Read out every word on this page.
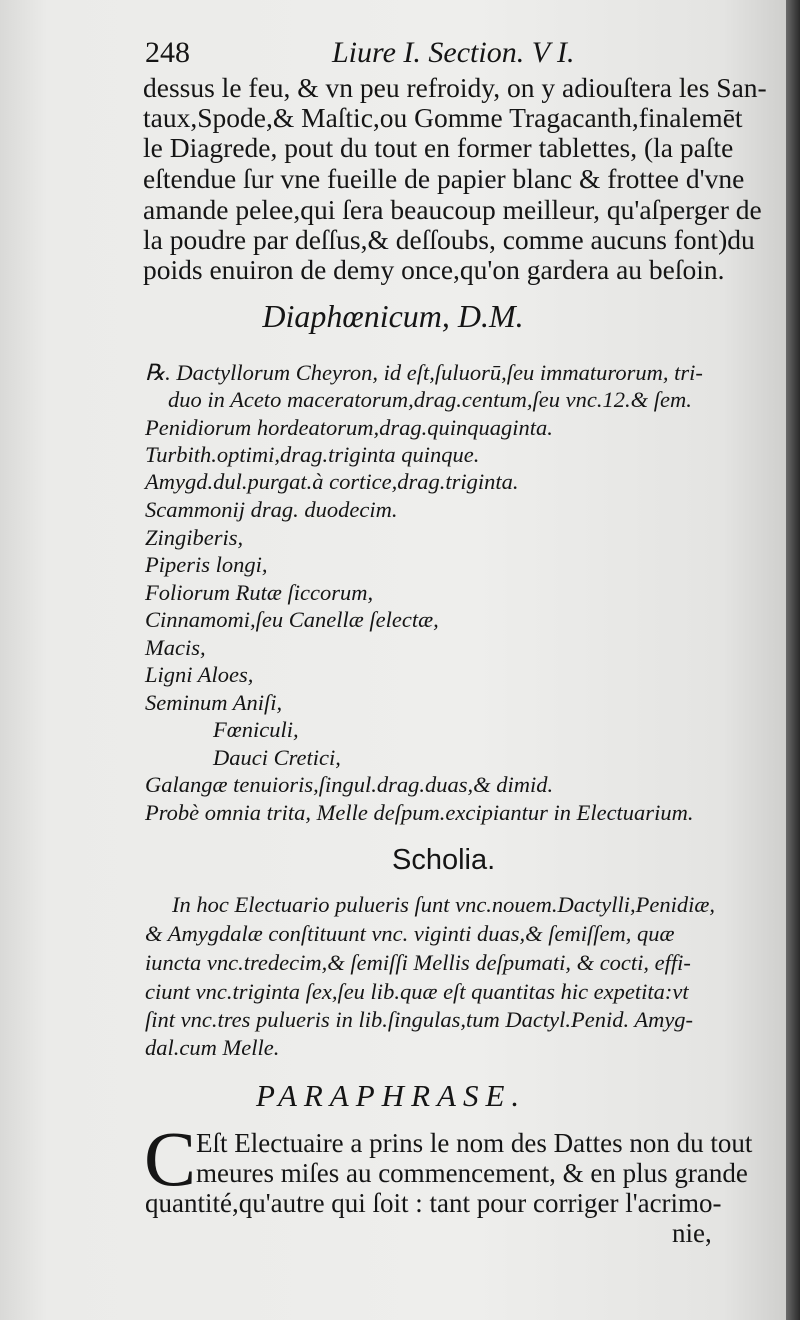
248	Liure I. Section. V I.
dessus le feu, & vn peu refroidy, on y adiouſtera les San-
taux,Spode,& Maſtic,ou Gomme Tragacanth,finalemēt
le Diagrede, pout du tout en former tablettes, (la paſte
eſtendue ſur vne fueille de papier blanc & frottee d'vne
amande pelee,qui ſera beaucoup meilleur, qu'aſperger de
la poudre par deſſus,& deſſoubs, comme aucuns font)du
poids enuiron de demy once,qu'on gardera au beſoin.
Diaphœnicum, D.M.
℞. Dactyllorum Cheyron, id eſt,ſuluorū,ſeu immaturorum, tri-
duo in Aceto maceratorum,drag.centum,ſeu vnc.12.& ſem.
Penidiorum hordeatorum,drag.quinquaginta.
Turbith.optimi,drag.triginta quinque.
Amygd.dul.purgat.à cortice,drag.triginta.
Scammonij drag. duodecim.
Zingiberis,
Piperis longi,
Foliorum Rutæ ſiccorum,
Cinnamomi,ſeu Canellæ ſelectæ,
Macis,
Ligni Aloes,
Seminum Aniſi,
Fœniculi,
Dauci Cretici,
Galangæ tenuioris,ſingul.drag.duas,& dimid.
Probè omnia trita, Melle deſpum.excipiantur in Electuarium.
Scholia.
In hoc Electuario pulueris ſunt vnc.nouem.Dactylli,Penidiæ,
& Amygdalæ conſtituunt vnc. viginti duas,& ſemiſſem, quæ
iuncta vnc.tredecim,& ſemiſſi Mellis deſpumati, & cocti, effi-
ciunt vnc.triginta ſex,ſeu lib.quæ eſt quantitas hic expetita:vt
ſint vnc.tres pulueris in lib.ſingulas,tum Dactyl.Penid. Amyg-
dal.cum Melle.
PARAPHRASE.
C Eſt Electuaire a prins le nom des Dattes non du tout
meures miſes au commencement, & en plus grande
quantité,qu'autre qui ſoit : tant pour corriger l'acrimo-
nie,
